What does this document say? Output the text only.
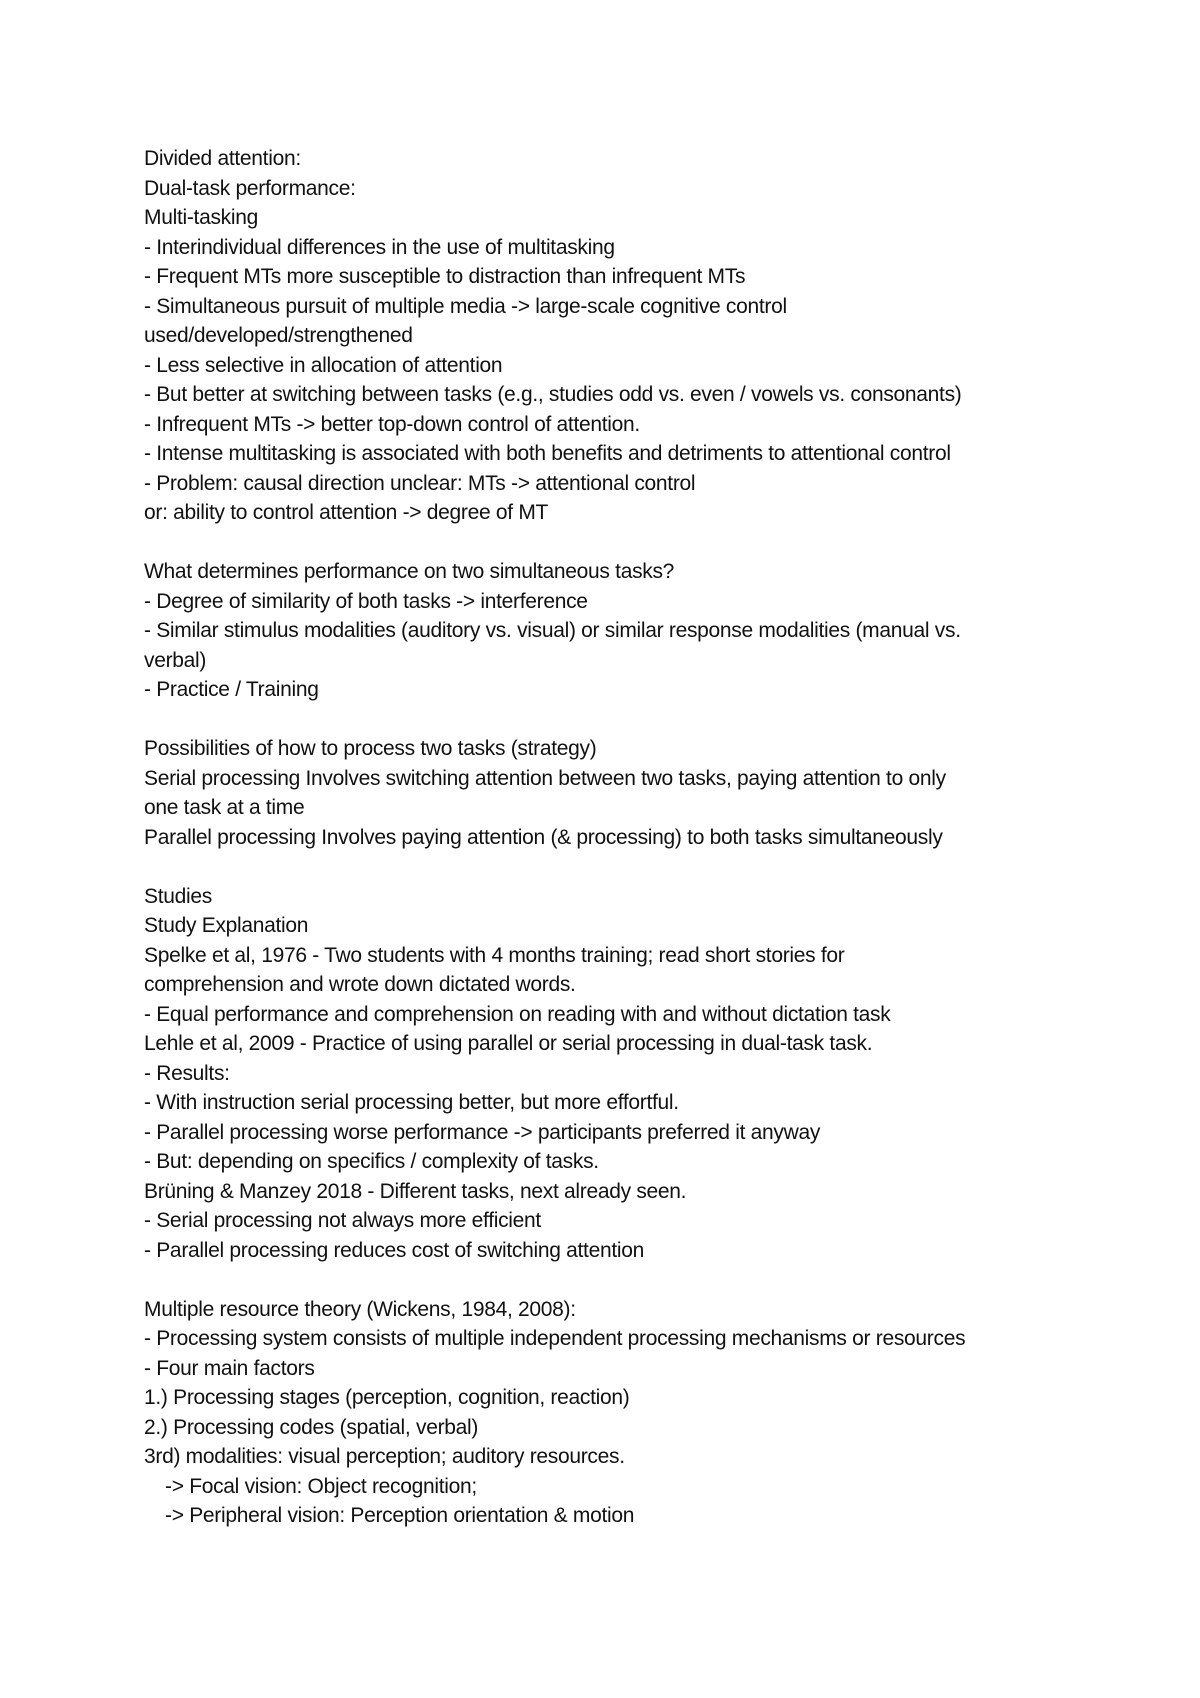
Divided attention:
Dual-task performance:
Multi-tasking
- Interindividual differences in the use of multitasking
- Frequent MTs more susceptible to distraction than infrequent MTs
- Simultaneous pursuit of multiple media -> large-scale cognitive control
used/developed/strengthened
- Less selective in allocation of attention
- But better at switching between tasks (e.g., studies odd vs. even / vowels vs. consonants)
- Infrequent MTs -> better top-down control of attention.
- Intense multitasking is associated with both benefits and detriments to attentional control
- Problem: causal direction unclear: MTs -> attentional control
or: ability to control attention -> degree of MT
What determines performance on two simultaneous tasks?
- Degree of similarity of both tasks -> interference
- Similar stimulus modalities (auditory vs. visual) or similar response modalities (manual vs.
verbal)
- Practice / Training
Possibilities of how to process two tasks (strategy)
Serial processing Involves switching attention between two tasks, paying attention to only
one task at a time
Parallel processing Involves paying attention (& processing) to both tasks simultaneously
Studies
Study Explanation
Spelke et al, 1976 - Two students with 4 months training; read short stories for
comprehension and wrote down dictated words.
- Equal performance and comprehension on reading with and without dictation task
Lehle et al, 2009 - Practice of using parallel or serial processing in dual-task task.
- Results:
- With instruction serial processing better, but more effortful.
- Parallel processing worse performance -> participants preferred it anyway
- But: depending on specifics / complexity of tasks.
Brüning & Manzey 2018 - Different tasks, next already seen.
- Serial processing not always more efficient
- Parallel processing reduces cost of switching attention
Multiple resource theory (Wickens, 1984, 2008):
- Processing system consists of multiple independent processing mechanisms or resources
- Four main factors
1.) Processing stages (perception, cognition, reaction)
2.) Processing codes (spatial, verbal)
3rd) modalities: visual perception; auditory resources.
-> Focal vision: Object recognition;
-> Peripheral vision: Perception orientation & motion
